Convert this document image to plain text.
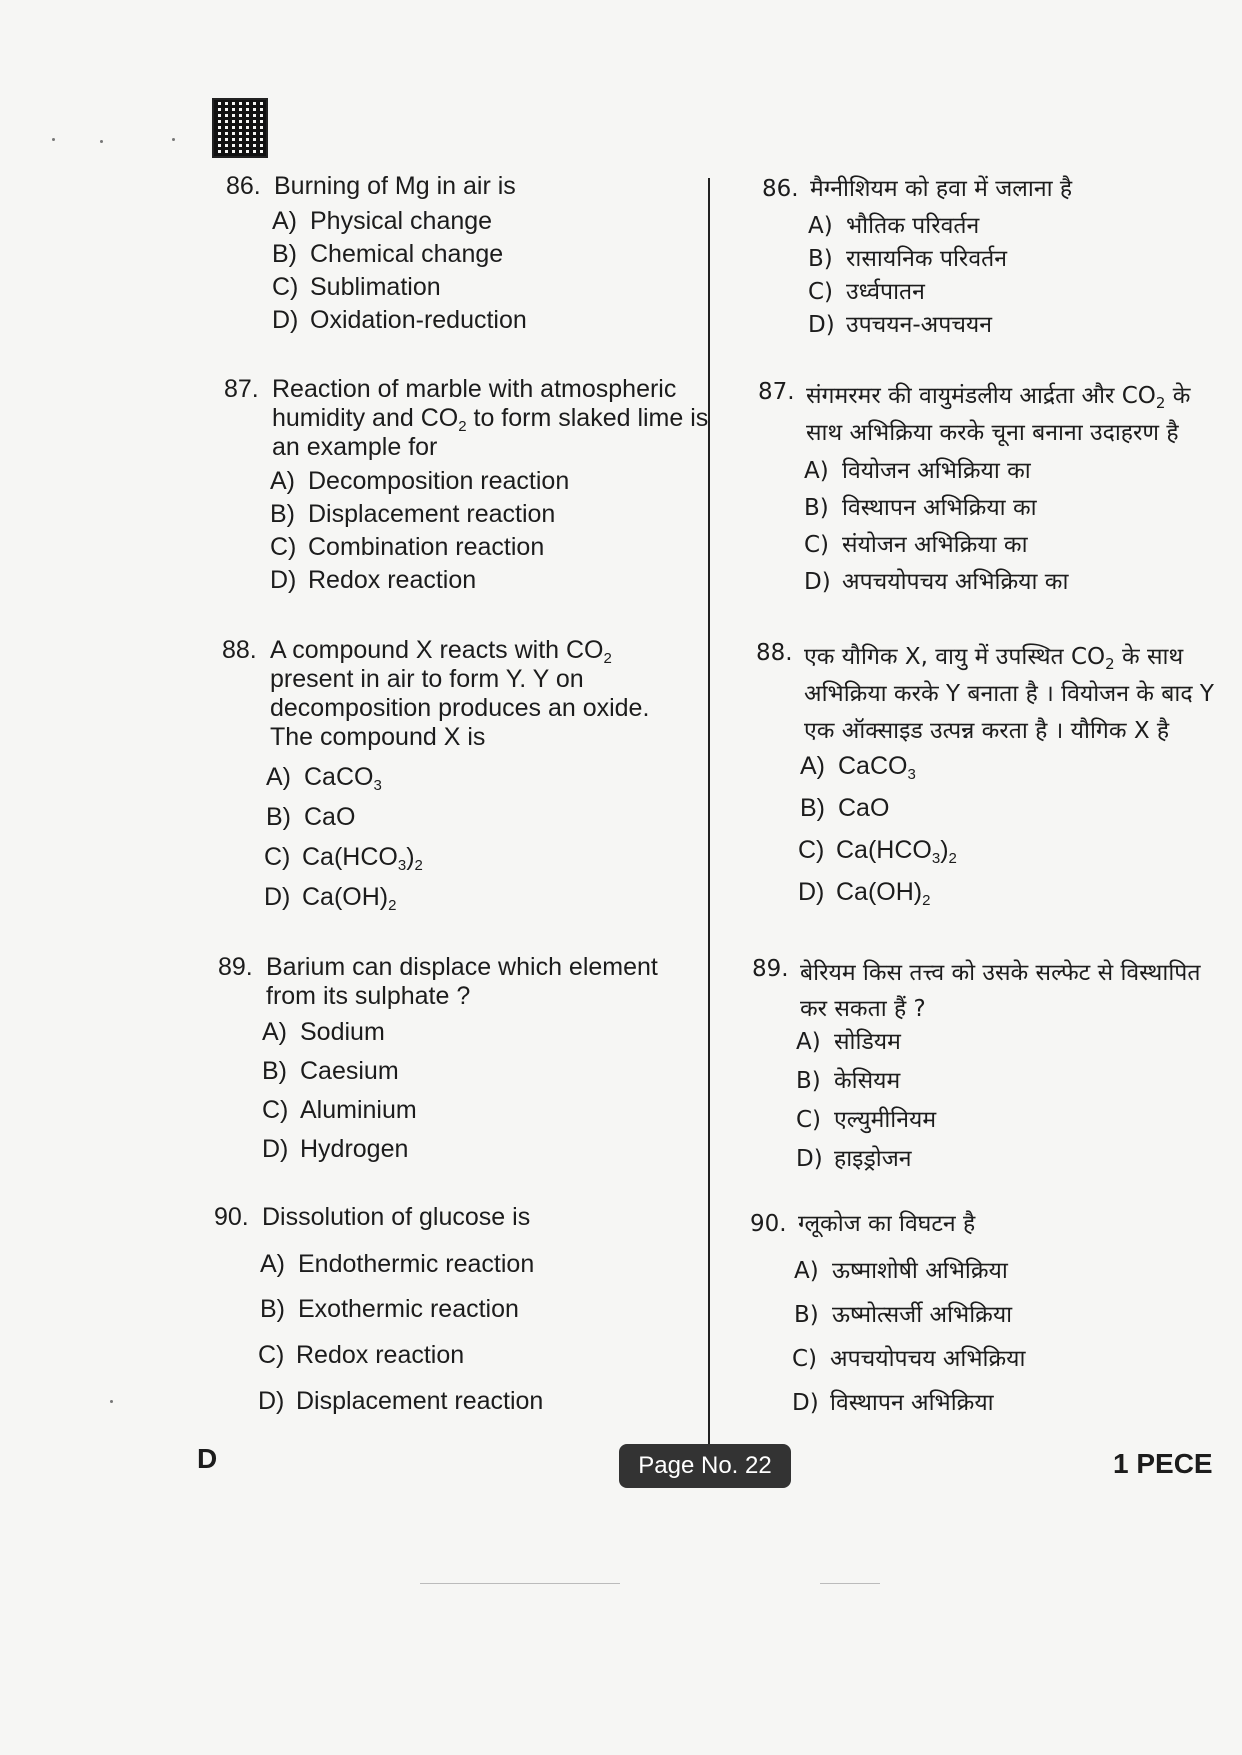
86. Burning of Mg in air is
A) Physical change
B) Chemical change
C) Sublimation
D) Oxidation-reduction
87. Reaction of marble with atmospheric humidity and $CO_2$ to form slaked lime is an example for
A) Decomposition reaction
B) Displacement reaction
C) Combination reaction
D) Redox reaction
88. A compound X reacts with $CO_2$ present in air to form Y. Y on decomposition produces an oxide. The compound X is
A) CaCO$_3$
B) CaO
C) $Ca(HCO_3)_2$
D) $Ca(OH)_2$
89. Barium can displace which element from its sulphate ?
A) Sodium
B) Caesium
C) Aluminium
D) Hydrogen
90. Dissolution of glucose is
A) Endothermic reaction
B) Exothermic reaction
C) Redox reaction
D) Displacement reaction
86. मैग्नीशियम को हवा में जलाना है
A) भौतिक परिवर्तन
B) रासायनिक परिवर्तन
C) उर्ध्वपातन
D) उपचयन-अपचयन
87. संगमरमर की वायुमंडलीय आर्द्रता और $CO_2$ के साथ अभिक्रिया करके चूना बनाना उदाहरण है
A) वियोजन अभिक्रिया का
B) विस्थापन अभिक्रिया का
C) संयोजन अभिक्रिया का
D) अपचयोपचय अभिक्रिया का
88. एक यौगिक X, वायु में उपस्थित $CO_2$ के साथ अभिक्रिया करके Y बनाता है । वियोजन के बाद Y एक ऑक्साइड उत्पन्न करता है । यौगिक X है
A) CaCO$_3$
B) CaO
C) $Ca(HCO_3)_2$
D) $Ca(OH)_2$
89. बेरियम किस तत्त्व को उसके सल्फेट से विस्थापित कर सकता हैं ?
A) सोडियम
B) केसियम
C) एल्युमीनियम
D) हाइड्रोजन
90. ग्लूकोज का विघटन है
A) ऊष्माशोषी अभिक्रिया
B) ऊष्मोत्सर्जी अभिक्रिया
C) अपचयोपचय अभिक्रिया
D) विस्थापन अभिक्रिया
D	Page No. 22	1 PECE
